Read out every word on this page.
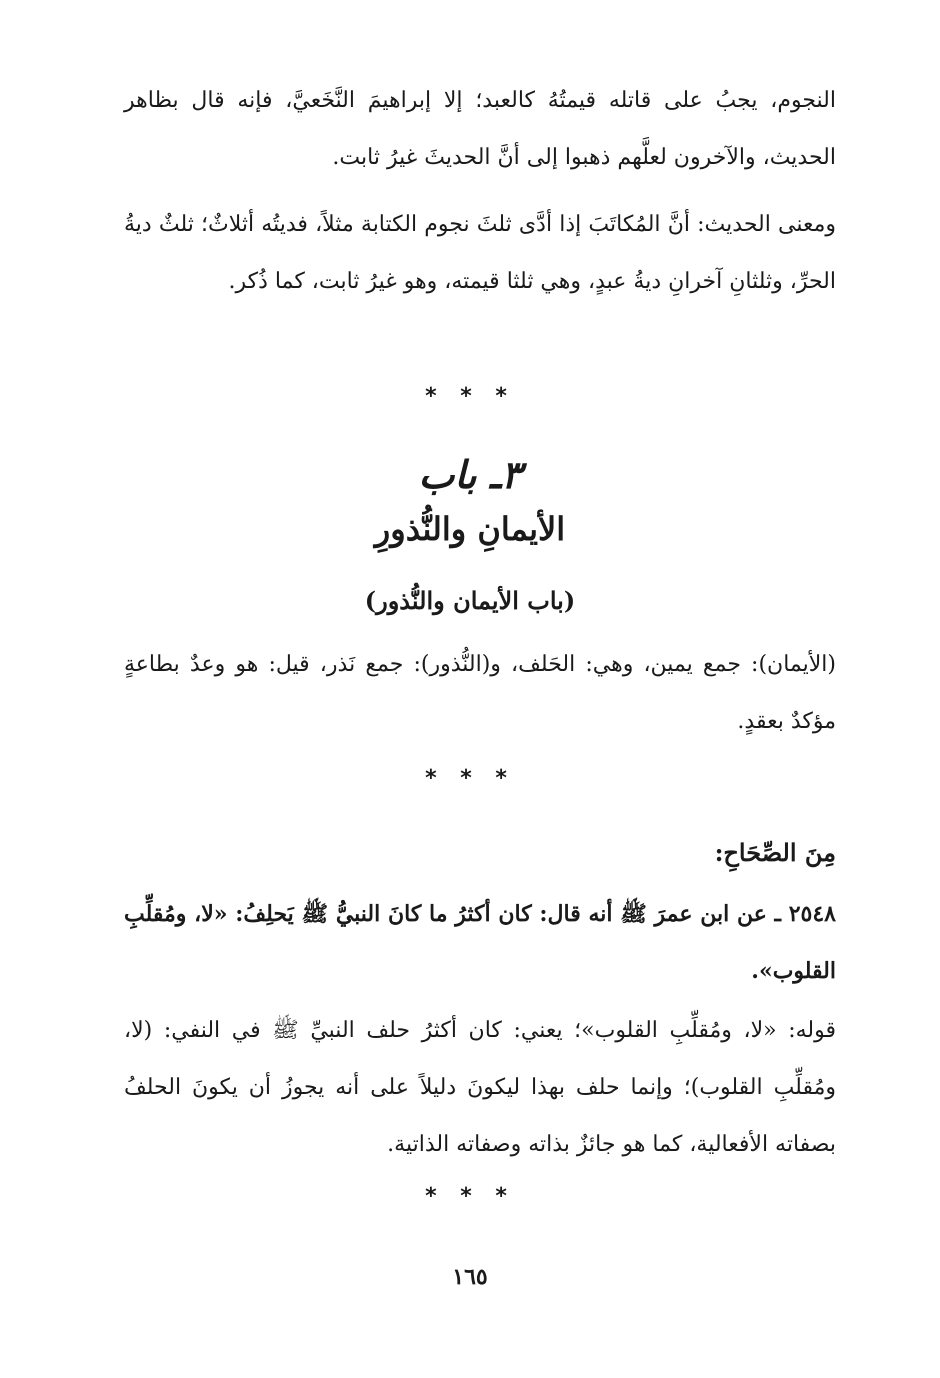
النجوم، يجبُ على قاتله قيمتُهُ كالعبد؛ إلا إبراهيمَ النَّخَعيَّ، فإنه قال بظاهر الحديث، والآخرون لعلَّهم ذهبوا إلى أنَّ الحديثَ غيرُ ثابت.

ومعنى الحديث: أنَّ المُكاتَبَ إذا أدَّى ثلثَ نجوم الكتابة مثلاً، فديتُه أثلاثٌ؛ ثلثٌ ديةُ الحرِّ، وثلثانِ آخرانِ ديةُ عبدٍ، وهي ثلثا قيمته، وهو غيرُ ثابت، كما ذُكر.

* * *
٣ـ باب
الأيمانِ والنُّذورِ
(باب الأيمان والنُّذور)

(الأيمان): جمع يمين، وهي: الحَلف، و(النُّذور): جمع نَذر، قيل: هو وعدٌ بطاعةٍ مؤكدٌ بعقدٍ.

* * *
مِنَ الصِّحَاحِ:

٢٥٤٨ ـ عن ابن عمرَ ﷺ أنه قال: كان أكثرُ ما كانَ النبيُّ ﷺ يَحلِفُ: «لا، ومُقلِّبِ القلوب».

قوله: «لا، ومُقلِّبِ القلوب»؛ يعني: كان أكثرُ حلف النبيِّ ﷺ في النفي: (لا، ومُقلِّبِ القلوب)؛ وإنما حلف بهذا ليكونَ دليلاً على أنه يجوزُ أن يكونَ الحلفُ بصفاته الأفعالية، كما هو جائزٌ بذاته وصفاته الذاتية.

* * *
١٦٥
